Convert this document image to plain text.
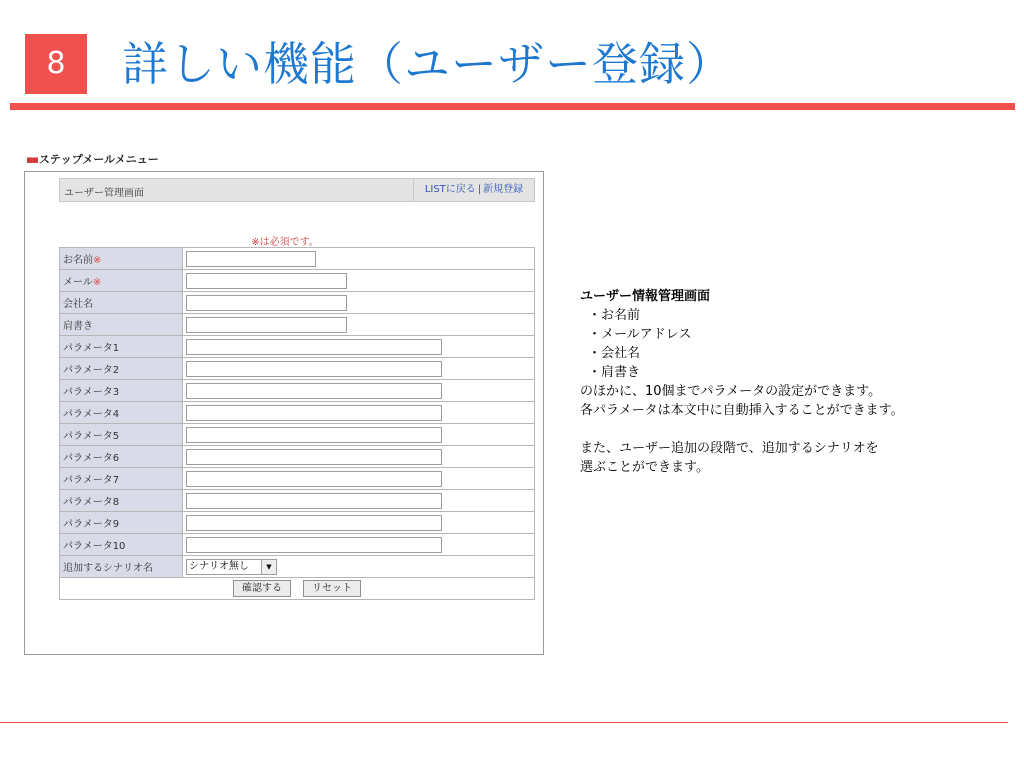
8	詳しい機能（ユーザー登録）
▪▪ ステップメールメニュー
ユーザー管理画面	LISTに戻る | 新規登録
※は必須です。
お名前※	
メール※	
会社名	
肩書き	
パラメータ1	
パラメータ2	
パラメータ3	
パラメータ4	
パラメータ5	
パラメータ6	
パラメータ7	
パラメータ8	
パラメータ9	
パラメータ10	
追加するシナリオ名	シナリオ無し ▼

確認する リセット	
ユーザー情報管理画面
・お名前
・メールアドレス
・会社名
・肩書き
のほかに、10個までパラメータの設定ができます。
各パラメータは本文中に自動挿入することができます。
また、ユーザー追加の段階で、追加するシナリオを
選ぶことができます。
